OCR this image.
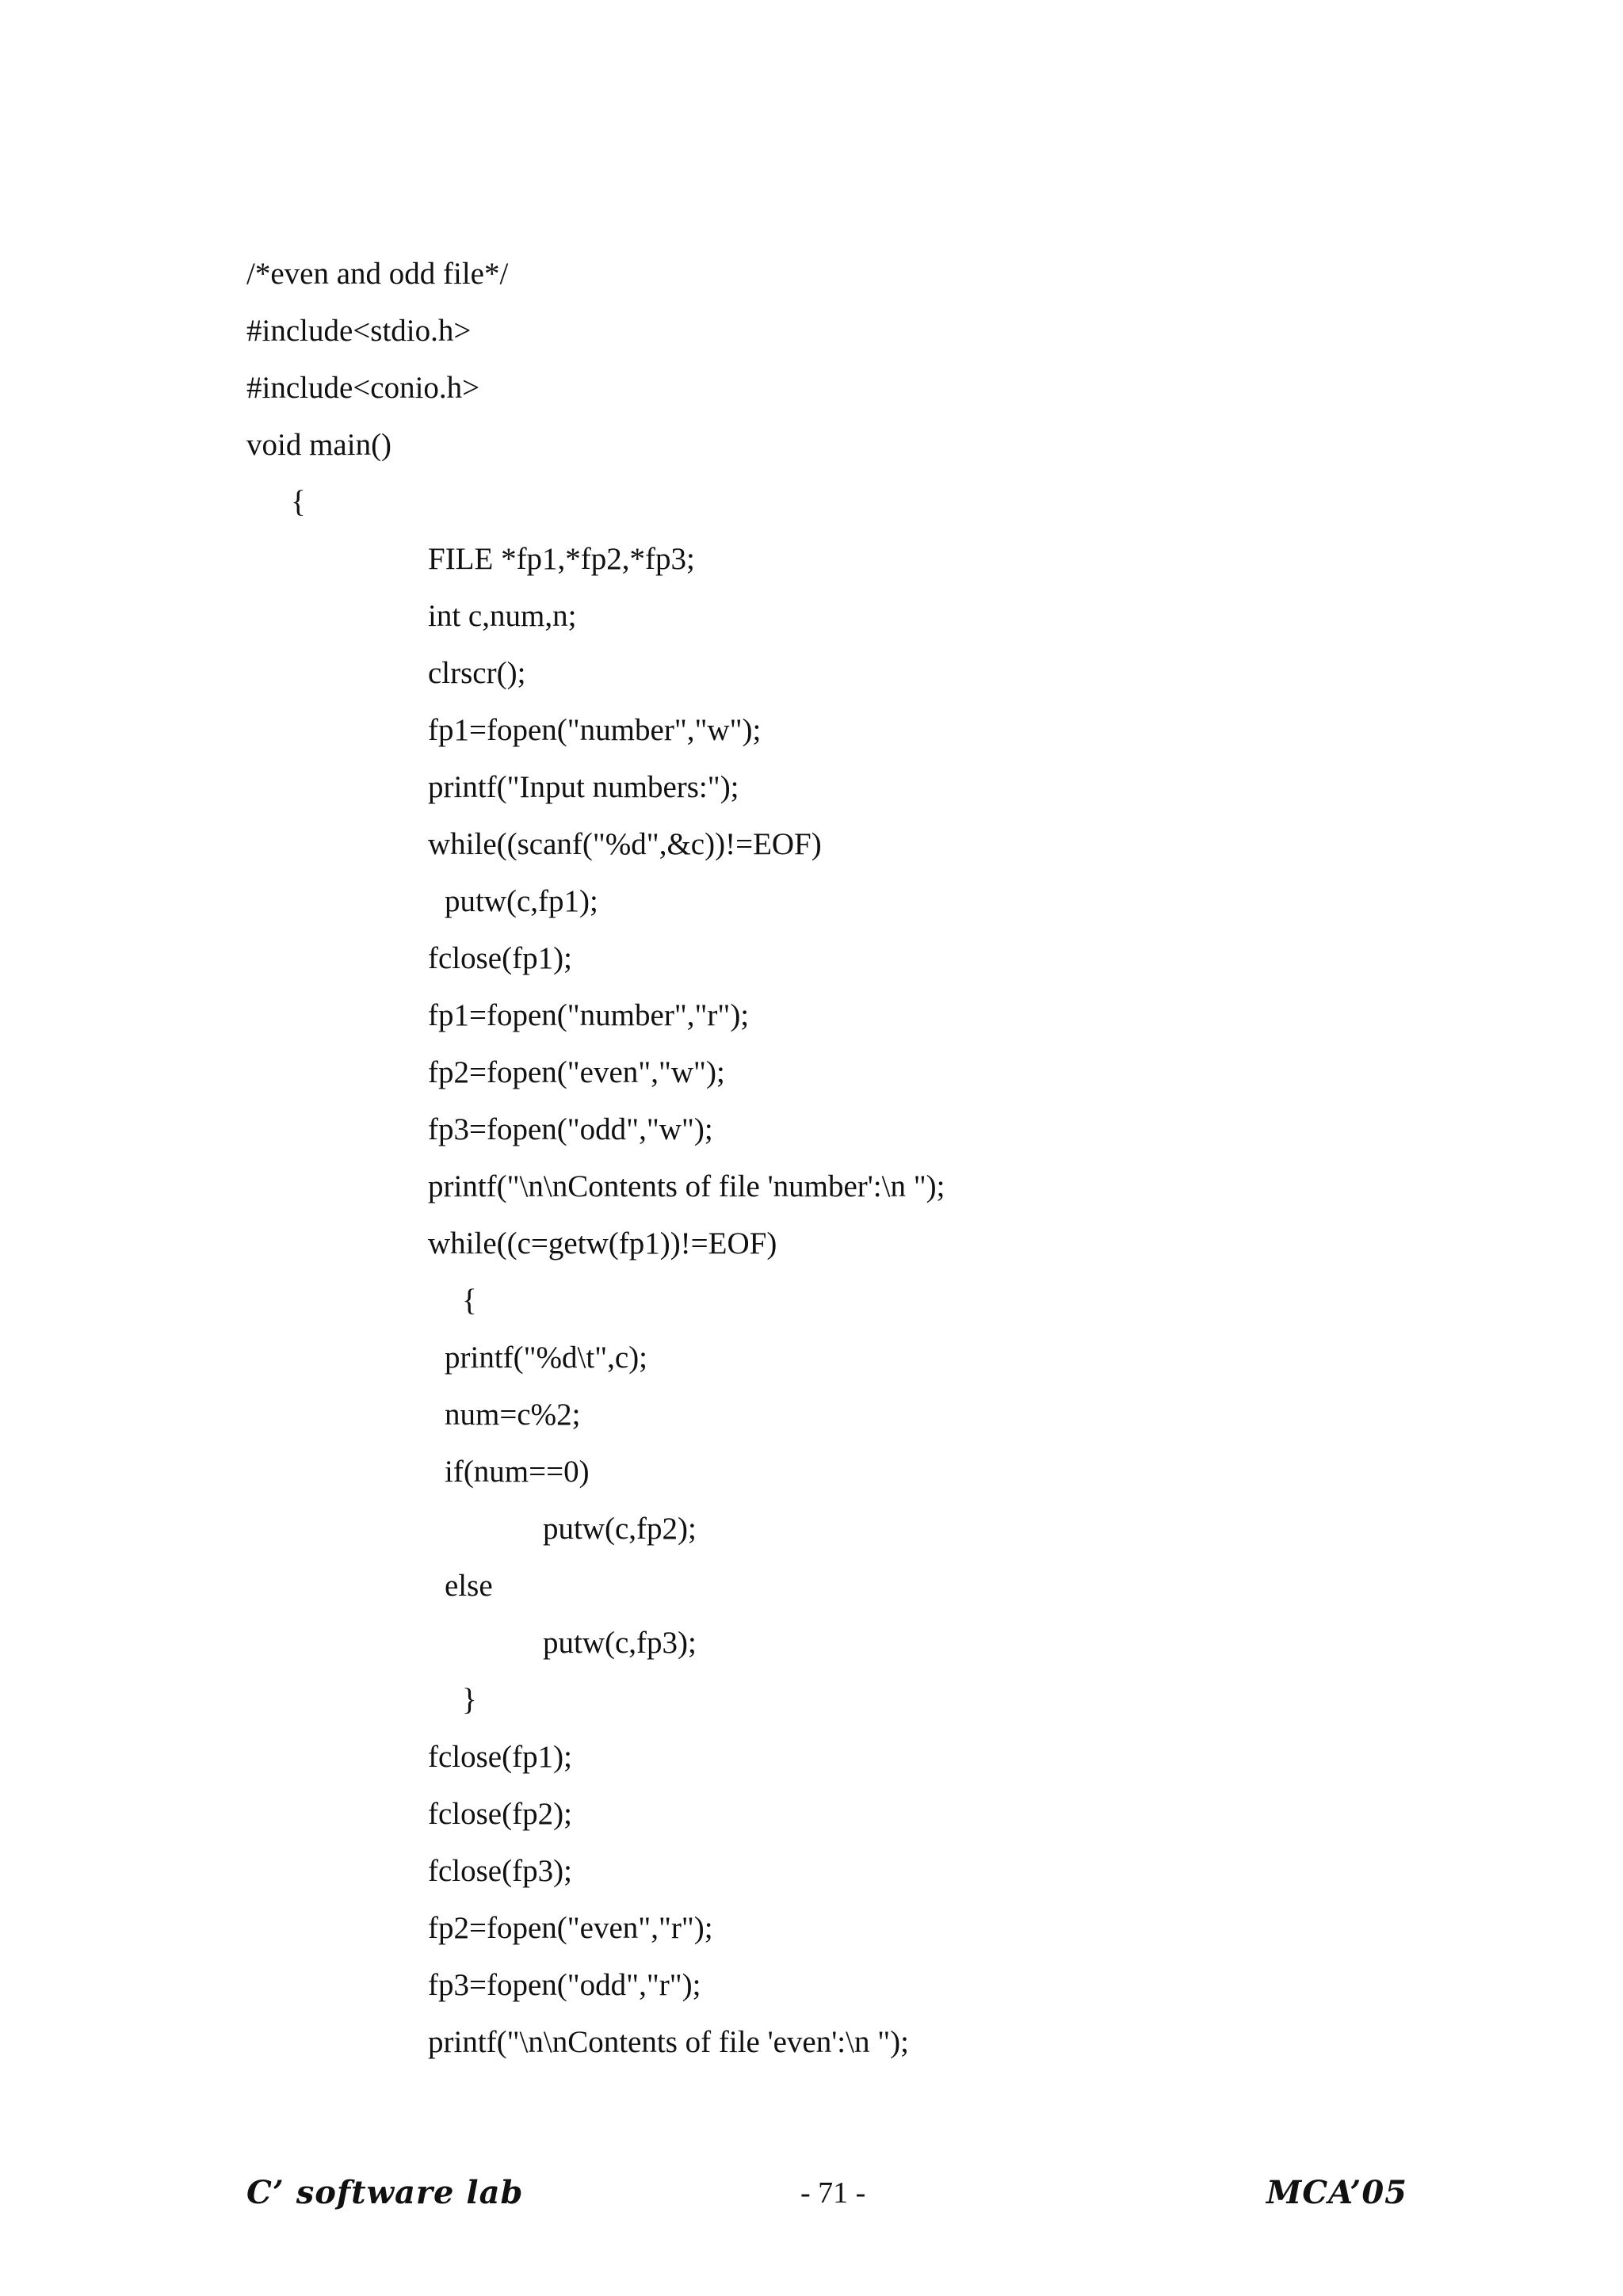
/*even and odd file*/
#include<stdio.h>
#include<conio.h>
void main()
{
FILE *fp1,*fp2,*fp3;
int c,num,n;
clrscr();
fp1=fopen("number","w");
printf("Input numbers:");
while((scanf("%d",&c))!=EOF)
putw(c,fp1);
fclose(fp1);
fp1=fopen("number","r");
fp2=fopen("even","w");
fp3=fopen("odd","w");
printf("\n\nContents of file 'number':\n ");
while((c=getw(fp1))!=EOF)
{
printf("%d\t",c);
num=c%2;
if(num==0)
putw(c,fp2);
else
putw(c,fp3);
}
fclose(fp1);
fclose(fp2);
fclose(fp3);
fp2=fopen("even","r");
fp3=fopen("odd","r");
printf("\n\nContents of file 'even':\n ");
C’ software lab	- 71 -	MCA’05
